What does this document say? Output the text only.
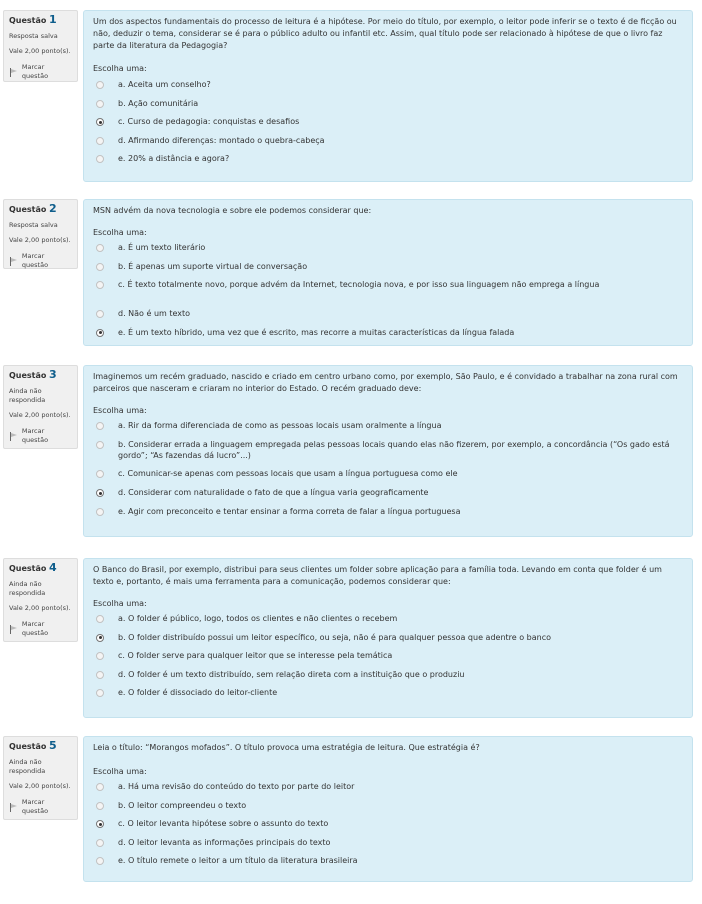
Questão 1
Resposta salva
Vale 2,00 ponto(s).
Marcar questão
Um dos aspectos fundamentais do processo de leitura é a hipótese. Por meio do título, por exemplo, o leitor pode inferir se o texto é de ficção ou não, deduzir o tema, considerar se é para o público adulto ou infantil etc. Assim, qual título pode ser relacionado à hipótese de que o livro faz parte da literatura da Pedagogia?
Escolha uma:
a. Aceita um conselho?
b. Ação comunitária
c. Curso de pedagogia: conquistas e desafios
d. Afirmando diferenças: montado o quebra-cabeça
e. 20% a distância e agora?
Questão 2
Resposta salva
Vale 2,00 ponto(s).
Marcar questão
MSN advém da nova tecnologia e sobre ele podemos considerar que:
Escolha uma:
a. É um texto literário
b. É apenas um suporte virtual de conversação
c. É texto totalmente novo, porque advém da Internet, tecnologia nova, e por isso sua linguagem não emprega a língua
d. Não é um texto
e. É um texto híbrido, uma vez que é escrito, mas recorre a muitas características da língua falada
Questão 3
Ainda não respondida
Vale 2,00 ponto(s).
Marcar questão
Imaginemos um recém graduado, nascido e criado em centro urbano como, por exemplo, São Paulo, e é convidado a trabalhar na zona rural com parceiros que nasceram e criaram no interior do Estado. O recém graduado deve:
Escolha uma:
a. Rir da forma diferenciada de como as pessoas locais usam oralmente a língua
b. Considerar errada a linguagem empregada pelas pessoas locais quando elas não fizerem, por exemplo, a concordância (“Os gado está gordo”; “As fazendas dá lucro”...)
c. Comunicar-se apenas com pessoas locais que usam a língua portuguesa como ele
d. Considerar com naturalidade o fato de que a língua varia geograficamente
e. Agir com preconceito e tentar ensinar a forma correta de falar a língua portuguesa
Questão 4
Ainda não respondida
Vale 2,00 ponto(s).
Marcar questão
O Banco do Brasil, por exemplo, distribui para seus clientes um folder sobre aplicação para a família toda. Levando em conta que folder é um texto e, portanto, é mais uma ferramenta para a comunicação, podemos considerar que:
Escolha uma:
a. O folder é público, logo, todos os clientes e não clientes o recebem
b. O folder distribuído possui um leitor específico, ou seja, não é para qualquer pessoa que adentre o banco
c. O folder serve para qualquer leitor que se interesse pela temática
d. O folder é um texto distribuído, sem relação direta com a instituição que o produziu
e. O folder é dissociado do leitor-cliente
Questão 5
Ainda não respondida
Vale 2,00 ponto(s).
Marcar questão
Leia o título: “Morangos mofados”. O título provoca uma estratégia de leitura. Que estratégia é?
Escolha uma:
a. Há uma revisão do conteúdo do texto por parte do leitor
b. O leitor compreendeu o texto
c. O leitor levanta hipótese sobre o assunto do texto
d. O leitor levanta as informações principais do texto
e. O título remete o leitor a um título da literatura brasileira
